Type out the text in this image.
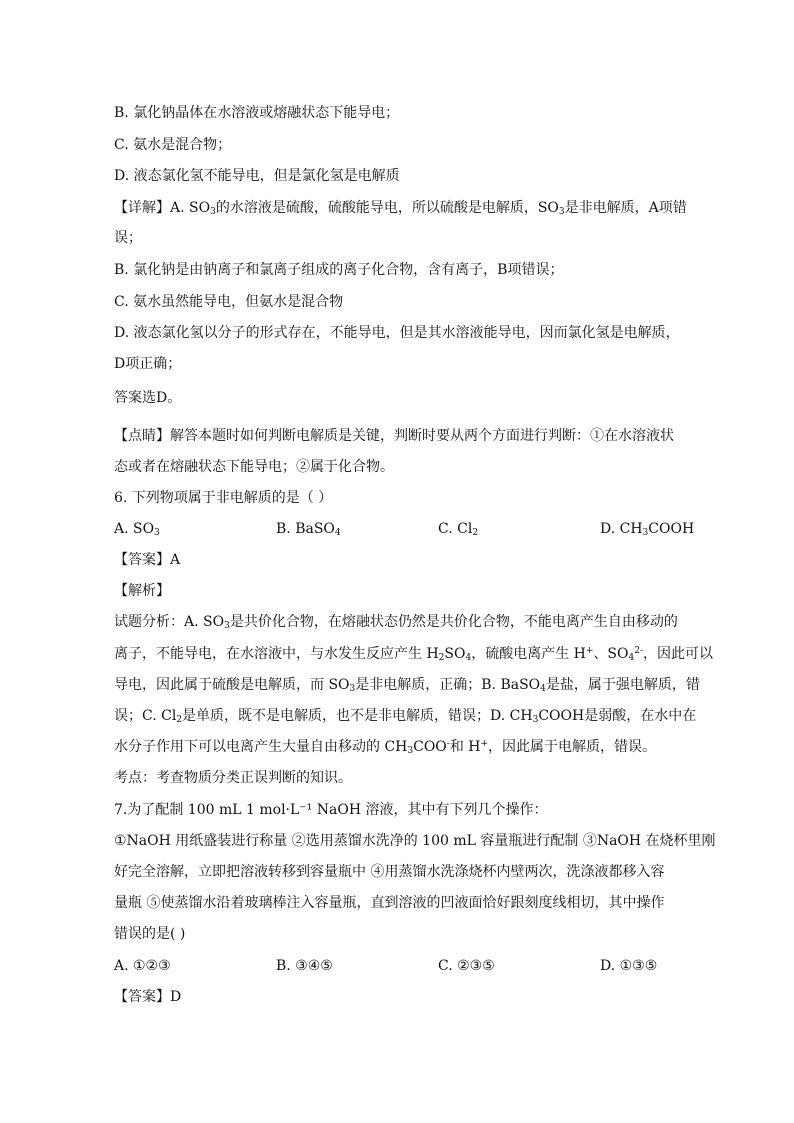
B. 氯化钠晶体在水溶液或熔融状态下能导电；
C. 氨水是混合物；
D. 液态氯化氢不能导电，但是氯化氢是电解质
【详解】A. $SO_3$的水溶液是硫酸，硫酸能导电，所以硫酸是电解质，$SO_3$是非电解质，A项错
误；
B. 氯化钠是由钠离子和氯离子组成的离子化合物，含有离子，B项错误；
C. 氨水虽然能导电，但氨水是混合物
D. 液态氯化氢以分子的形式存在，不能导电，但是其水溶液能导电，因而氯化氢是电解质，
D项正确；
答案选D。
【点睛】解答本题时如何判断电解质是关键，判断时要从两个方面进行判断：①在水溶液状
态或者在熔融状态下能导电；②属于化合物。
6. 下列物项属于非电解质的是（ ）
A. $SO_3$	B. BaSO$_4$	C. $Cl_2$	D. $CH_3COOH$
【答案】A
【解析】
试题分析：A. $SO_3$是共价化合物，在熔融状态仍然是共价化合物，不能电离产生自由移动的
离子，不能导电，在水溶液中，与水发生反应产生 $H_2SO_4$，硫酸电离产生 H+、$SO_4^{2-}$，因此可以
导电，因此属于硫酸是电解质，而 $SO_3$是非电解质，正确；B. BaSO$_4$是盐，属于强电解质，错
误；C. $Cl_2$是单质，既不是电解质，也不是非电解质，错误；D. $CH_3COOH$是弱酸，在水中在
水分子作用下可以电离产生大量自由移动的 $CH_3COO^-$和 H+，因此属于电解质，错误。
考点：考查物质分类正误判断的知识。
7.为了配制 100 mL 1 mol·L⁻¹ NaOH 溶液，其中有下列几个操作：
①NaOH 用纸盛装进行称量 ②选用蒸馏水洗净的 100 mL 容量瓶进行配制 ③NaOH 在烧杯里刚
好完全溶解，立即把溶液转移到容量瓶中 ④用蒸馏水洗涤烧杯内壁两次，洗涤液都移入容
量瓶 ⑤使蒸馏水沿着玻璃棒注入容量瓶，直到溶液的凹液面恰好跟刻度线相切，其中操作
错误的是( )
A. ①②③	B. ③④⑤	C. ②③⑤	D. ①③⑤
【答案】D
